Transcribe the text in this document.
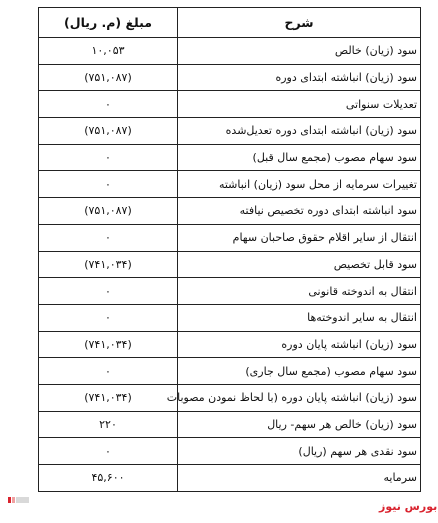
شرح	مبلغ (م. ریال)
سود (زیان) خالص	۱۰,۰۵۳
سود (زیان) انباشته ابتدای دوره	(۷۵۱,۰۸۷)
تعدیلات سنواتی	۰
سود (زیان) انباشته ابتدای دوره تعدیل‌شده	(۷۵۱,۰۸۷)
سود سهام مصوب (مجمع سال قبل)	۰
تغییرات سرمایه از محل سود (زیان) انباشته	۰
سود انباشته ابتدای دوره تخصیص نیافته	(۷۵۱,۰۸۷)
انتقال از سایر اقلام حقوق صاحبان سهام	۰
سود قابل تخصیص	(۷۴۱,۰۳۴)
انتقال به اندوخته قانونی	۰
انتقال به سایر اندوخته‌ها	۰
سود (زیان) انباشته پایان دوره	(۷۴۱,۰۳۴)
سود سهام مصوب (مجمع سال جاری)	۰
سود (زیان) انباشته پایان دوره (با لحاظ نمودن مصوبات	(۷۴۱,۰۳۴)
سود (زیان) خالص هر سهم- ریال	۲۲۰
سود نقدی هر سهم (ریال)	۰
سرمایه	۴۵,۶۰۰
بورس نیوز
